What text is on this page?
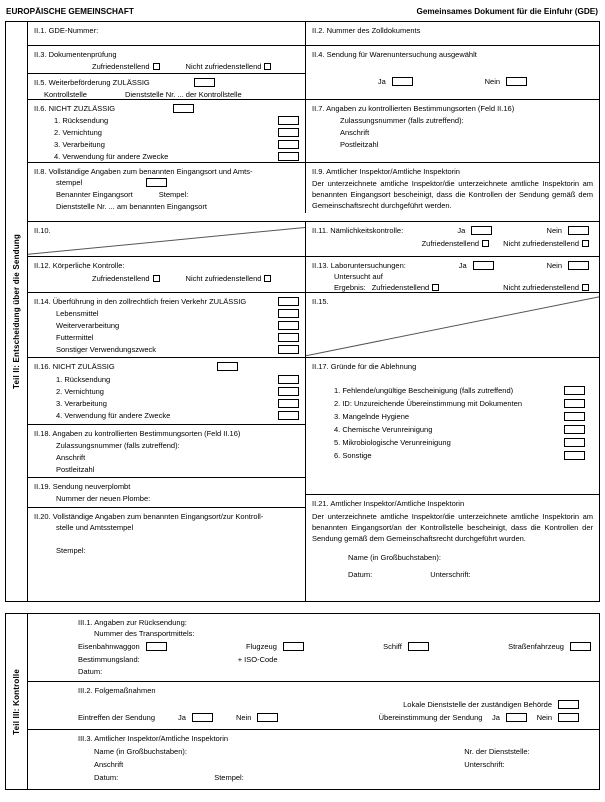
EUROPÄISCHE GEMEINSCHAFT	Gemeinsames Dokument für die Einfuhr (GDE)
Teil II: Entscheidung über die Sendung
II.1. GDE-Nummer:
II.3. Dokumentenprüfung
Zufriedenstellend	Nicht zufriedenstellend
II.5. Weiterbeförderung ZULÄSSIG
Kontrollstelle	Dienststelle Nr. ... der Kontrollstelle
II.6. NICHT ZUZLÄSSIG
1. Rücksendung
2. Vernichtung
3. Verarbeitung
4. Verwendung für andere Zwecke
II.8. Vollständige Angaben zum benannten Eingangsort und Amts-
stempel
Benannter Eingangsort	Stempel:
Dienststelle Nr. ... am benannten Eingangsort
II.2. Nummer des Zolldokuments
II.4. Sendung für Warenuntersuchung ausgewählt
Ja	Nein
II.7. Angaben zu kontrollierten Bestimmungsorten (Feld II.16)
Zulassungsnummer (falls zutreffend):
Anschrift
Postleitzahl
II.9. Amtlicher Inspektor/Amtliche Inspektorin
Der unterzeichnete amtliche Inspektor/die unterzeichnete amtliche Inspektorin am benannten Eingangsort bescheinigt, dass die Kontrollen der Sendung gemäß dem Gemeinschaftsrecht durchgeführt werden.
II.10.
II.12. Körperliche Kontrolle:
Zufriedenstellend	Nicht zufriedenstellend
II.14. Überführung in den zollrechtlich freien Verkehr ZULÄSSIG
Lebensmittel
Weiterverarbeitung
Futtermittel
Sonstiger Verwendungszweck
II.16. NICHT ZULÄSSIG
1. Rücksendung
2. Vernichtung
3. Verarbeitung
4. Verwendung für andere Zwecke
II.18. Angaben zu kontrollierten Bestimmungsorten (Feld II.16)
Zulassungsnummer (falls zutreffend):
Anschrift
Postleitzahl
II.19. Sendung neuverplombt
Nummer der neuen Plombe:
II.20. Vollständige Angaben zum benannten Eingangsort/zur Kontroll-
stelle und Amtsstempel
Stempel:
II.11. Nämlichkeitskontrolle:	Ja	Nein
Zufriedenstellend	Nicht zufriedenstellend
II.13. Laboruntersuchungen:	Ja	Nein
Untersucht auf
Ergebnis: Zufriedenstellend	Nicht zufriedenstellend
II.15.
II.17. Gründe für die Ablehnung
1. Fehlende/ungültige Bescheinigung (falls zutreffend)
2. ID: Unzureichende Übereinstimmung mit Dokumenten
3. Mangelnde Hygiene
4. Chemische Verunreinigung
5. Mikrobiologische Verunreinigung
6. Sonstige
II.21. Amtlicher Inspektor/Amtliche Inspektorin
Der unterzeichnete amtliche Inspektor/die unterzeichnete amtliche Inspektorin am benannten Eingangsort/an der Kontrollstelle bescheinigt, dass die Kontrollen der Sendung gemäß dem Gemeinschaftsrecht durchgeführt wurden.
Name (in Großbuchstaben):
Datum:	Unterschrift:
Teil III: Kontrolle
III.1. Angaben zur Rücksendung:
Nummer des Transportmittels:
Eisenbahnwaggon	Flugzeug	Schiff	Straßenfahrzeug
Bestimmungsland:	+ ISO-Code
Datum:
III.2. Folgemaßnahmen
Lokale Dienststelle der zuständigen Behörde
Eintreffen der Sendung	Ja	Nein	Übereinstimmung der Sendung Ja	Nein
III.3. Amtlicher Inspektor/Amtliche Inspektorin
Name (in Großbuchstaben):	Nr. der Dienststelle:
Anschrift	Unterschrift:
Datum:	Stempel:
